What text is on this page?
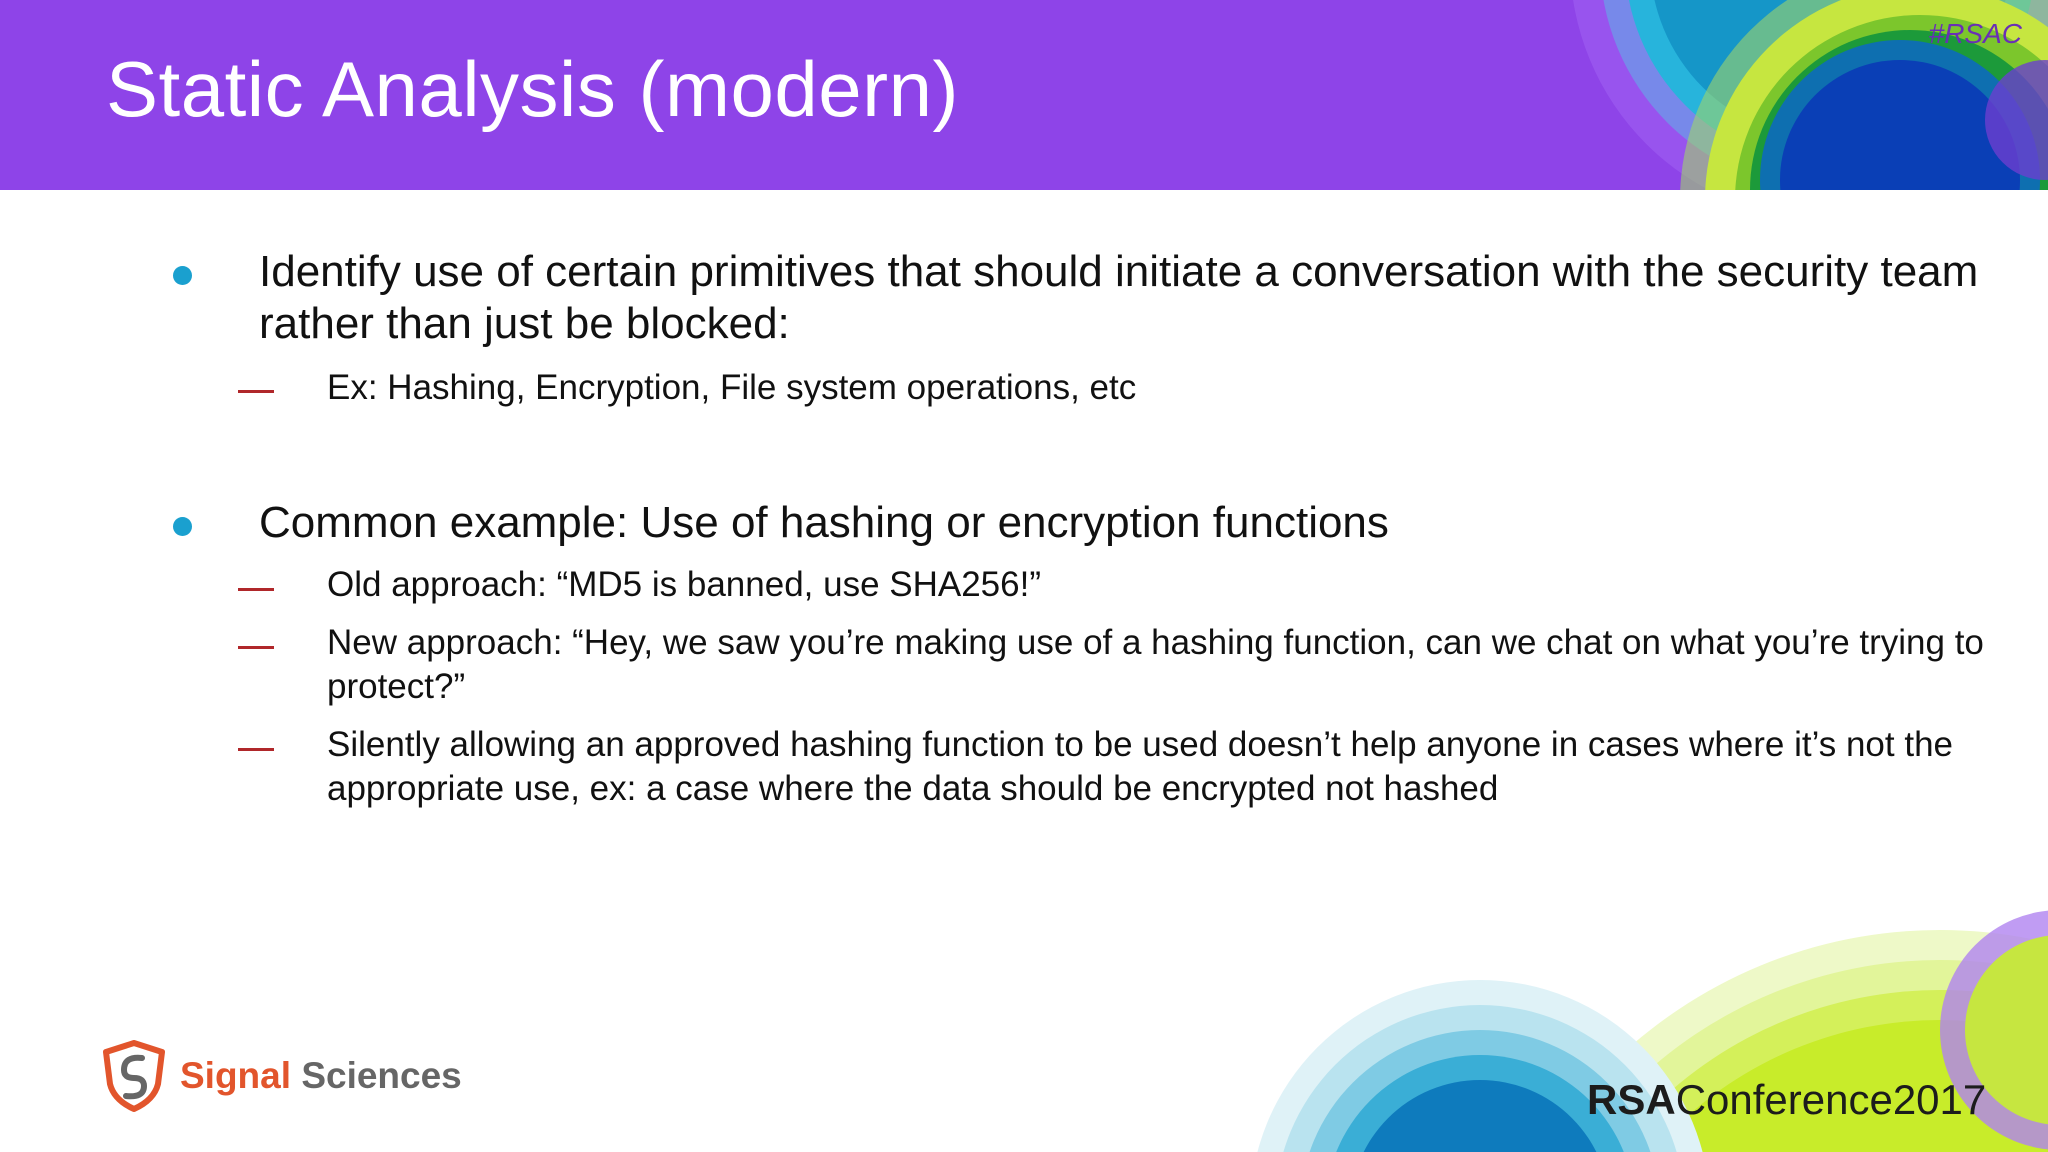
Static Analysis (modern)
#RSAC
Identify use of certain primitives that should initiate a conversation with the security team rather than just be blocked:
Ex: Hashing, Encryption, File system operations, etc
Common example: Use of hashing or encryption functions
Old approach: “MD5 is banned, use SHA256!”
New approach: “Hey, we saw you’re making use of a hashing function, can we chat on what you’re trying to protect?”
Silently allowing an approved hashing function to be used doesn’t help anyone in cases where it’s not the appropriate use, ex: a case where the data should be encrypted not hashed
Signal Sciences
RSAConference2017
